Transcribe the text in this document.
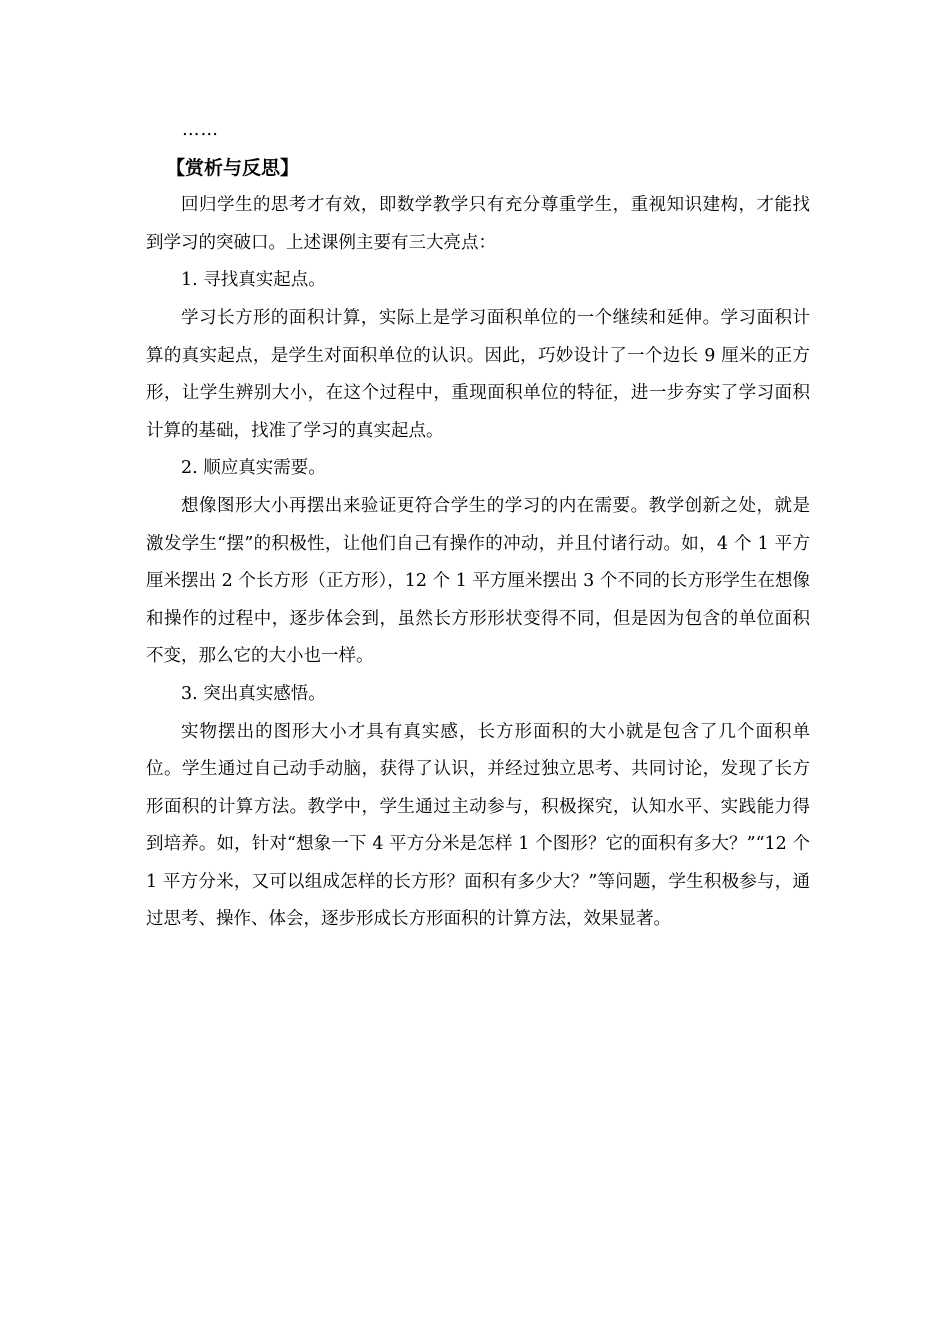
……
【赏析与反思】

回归学生的思考才有效，即数学教学只有充分尊重学生，重视知识建构，才能找到学习的突破口。上述课例主要有三大亮点：

1. 寻找真实起点。

学习长方形的面积计算，实际上是学习面积单位的一个继续和延伸。学习面积计算的真实起点，是学生对面积单位的认识。因此，巧妙设计了一个边长 9 厘米的正方形，让学生辨别大小，在这个过程中，重现面积单位的特征，进一步夯实了学习面积计算的基础，找准了学习的真实起点。

2. 顺应真实需要。

想像图形大小再摆出来验证更符合学生的学习的内在需要。教学创新之处，就是激发学生“摆”的积极性，让他们自己有操作的冲动，并且付诸行动。如，4 个 1 平方厘米摆出 2 个长方形（正方形），12 个 1 平方厘米摆出 3 个不同的长方形学生在想像和操作的过程中，逐步体会到，虽然长方形形状变得不同，但是因为包含的单位面积不变，那么它的大小也一样。

3. 突出真实感悟。

实物摆出的图形大小才具有真实感，长方形面积的大小就是包含了几个面积单位。学生通过自己动手动脑，获得了认识，并经过独立思考、共同讨论，发现了长方形面积的计算方法。教学中，学生通过主动参与，积极探究，认知水平、实践能力得到培养。如，针对“想象一下 4 平方分米是怎样 1 个图形？它的面积有多大？”“12 个 1 平方分米，又可以组成怎样的长方形？面积有多少大？”等问题，学生积极参与，通过思考、操作、体会，逐步形成长方形面积的计算方法，效果显著。
